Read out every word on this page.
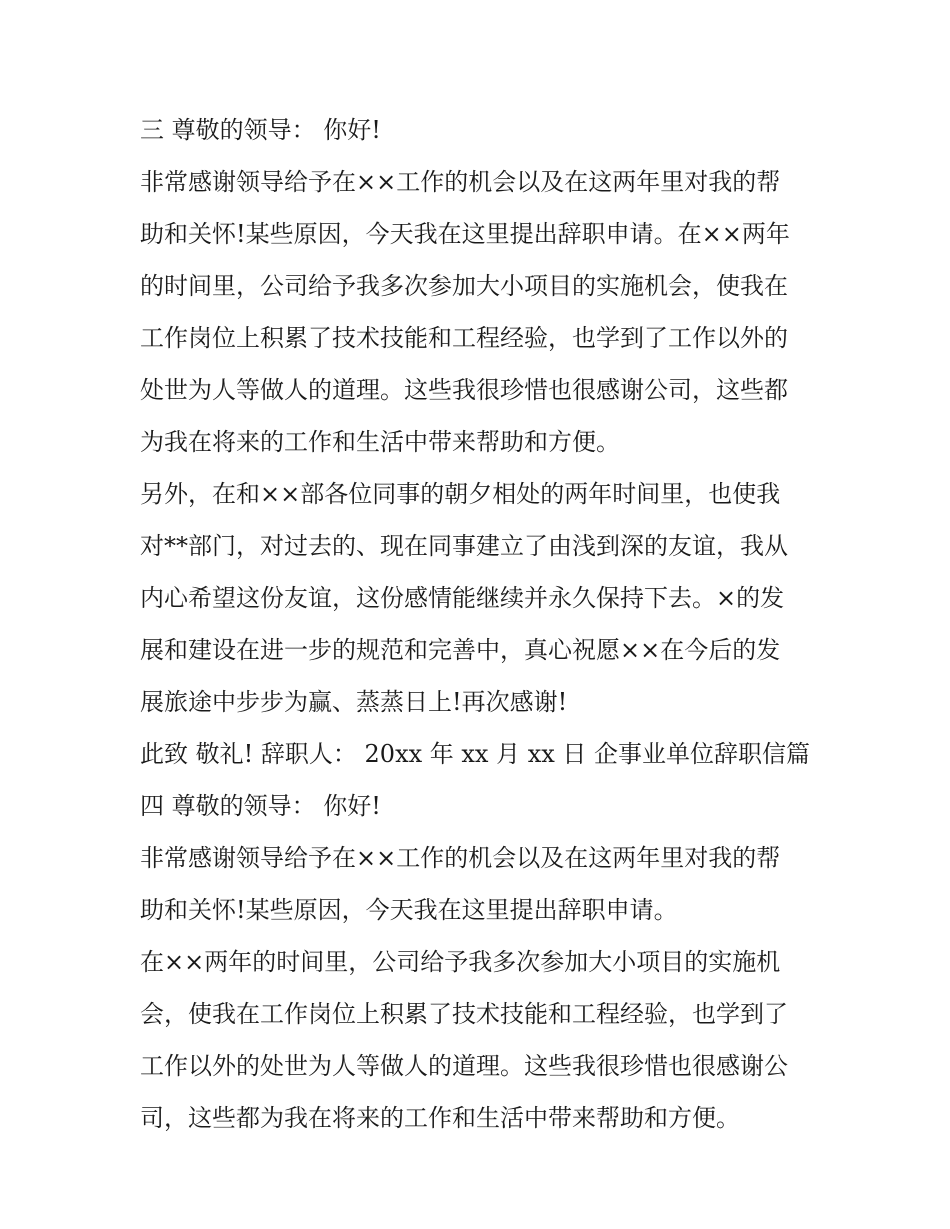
三 尊敬的领导： 你好!
非常感谢领导给予在××工作的机会以及在这两年里对我的帮
助和关怀!某些原因，今天我在这里提出辞职申请。在××两年
的时间里，公司给予我多次参加大小项目的实施机会，使我在
工作岗位上积累了技术技能和工程经验，也学到了工作以外的
处世为人等做人的道理。这些我很珍惜也很感谢公司，这些都
为我在将来的工作和生活中带来帮助和方便。
另外，在和××部各位同事的朝夕相处的两年时间里，也使我
对**部门，对过去的、现在同事建立了由浅到深的友谊，我从
内心希望这份友谊，这份感情能继续并永久保持下去。×的发
展和建设在进一步的规范和完善中，真心祝愿××在今后的发
展旅途中步步为赢、蒸蒸日上!再次感谢!
此致 敬礼! 辞职人： 20xx 年 xx 月 xx 日 企事业单位辞职信篇
四 尊敬的领导： 你好!
非常感谢领导给予在××工作的机会以及在这两年里对我的帮
助和关怀!某些原因，今天我在这里提出辞职申请。
在××两年的时间里，公司给予我多次参加大小项目的实施机
会，使我在工作岗位上积累了技术技能和工程经验，也学到了
工作以外的处世为人等做人的道理。这些我很珍惜也很感谢公
司，这些都为我在将来的工作和生活中带来帮助和方便。
